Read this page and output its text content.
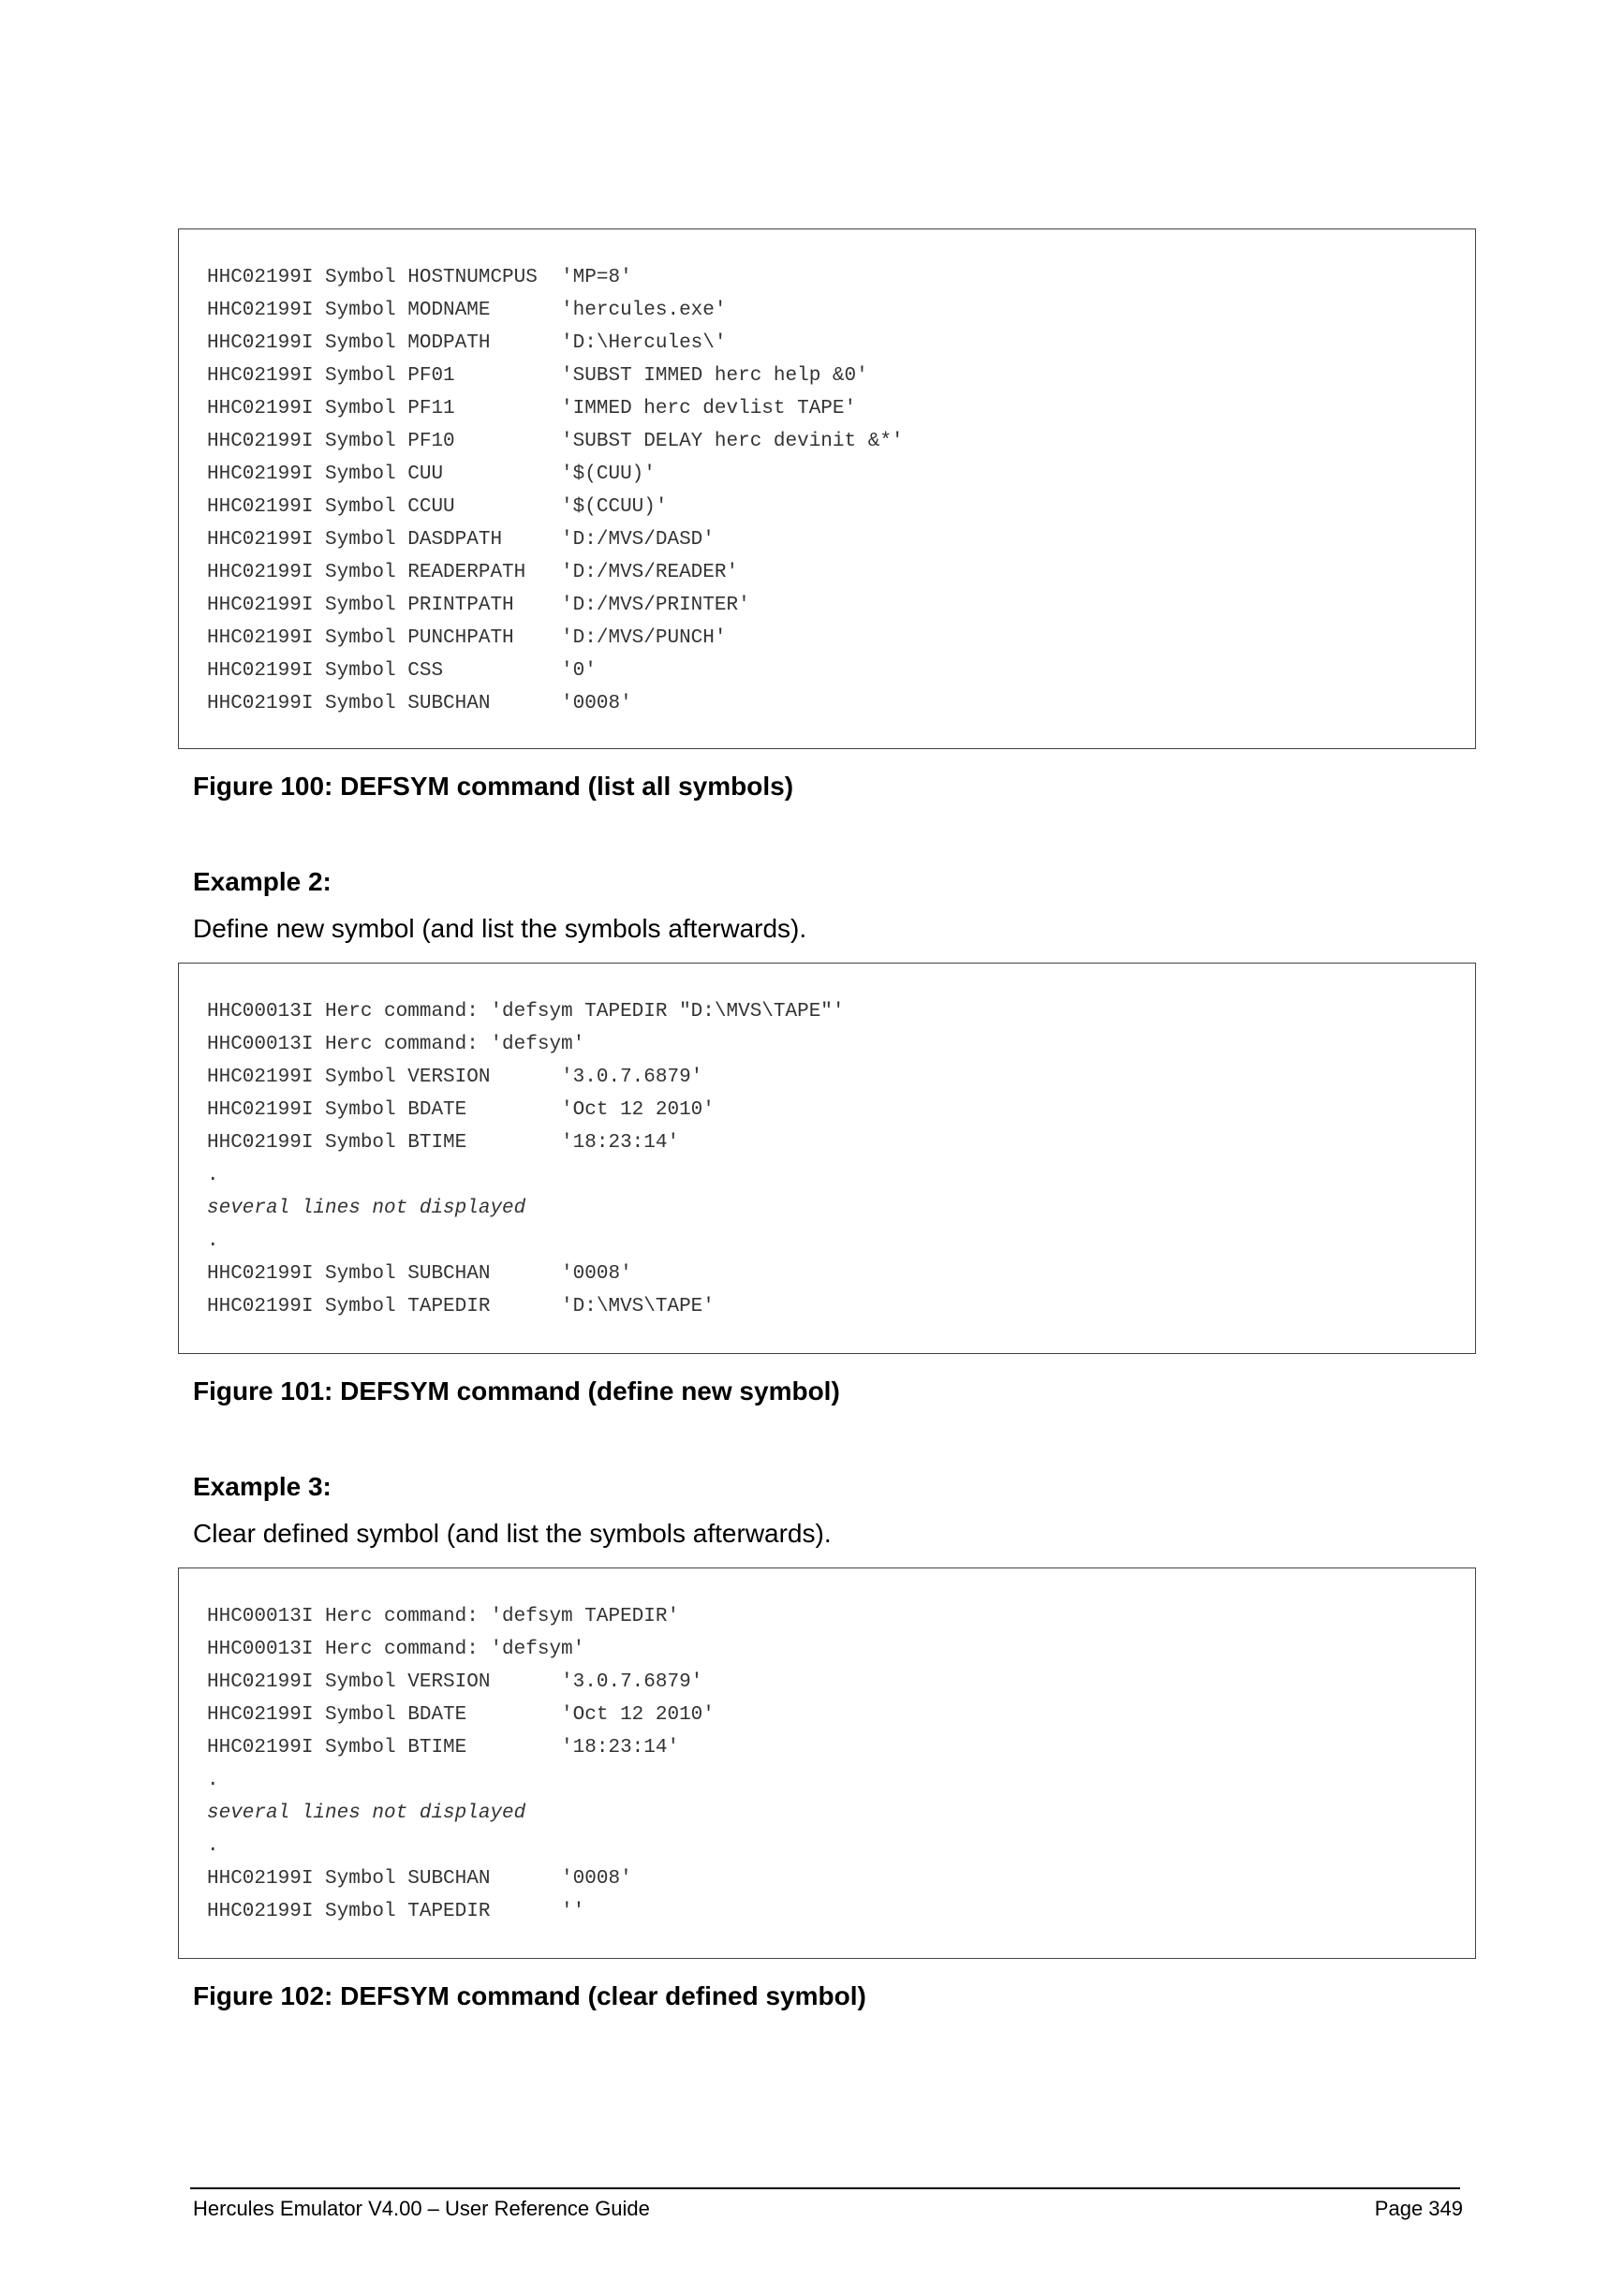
HHC02199I Symbol HOSTNUMCPUS  'MP=8'
HHC02199I Symbol MODNAME      'hercules.exe'
HHC02199I Symbol MODPATH      'D:\Hercules\'
HHC02199I Symbol PF01         'SUBST IMMED herc help &0'
HHC02199I Symbol PF11         'IMMED herc devlist TAPE'
HHC02199I Symbol PF10         'SUBST DELAY herc devinit &*'
HHC02199I Symbol CUU          '$(CUU)'
HHC02199I Symbol CCUU         '$(CCUU)'
HHC02199I Symbol DASDPATH     'D:/MVS/DASD'
HHC02199I Symbol READERPATH   'D:/MVS/READER'
HHC02199I Symbol PRINTPATH    'D:/MVS/PRINTER'
HHC02199I Symbol PUNCHPATH    'D:/MVS/PUNCH'
HHC02199I Symbol CSS          '0'
HHC02199I Symbol SUBCHAN      '0008'
Figure 100: DEFSYM command (list all symbols)
Example 2:
Define new symbol (and list the symbols afterwards).
HHC00013I Herc command: 'defsym TAPEDIR "D:\MVS\TAPE"'
HHC00013I Herc command: 'defsym'
HHC02199I Symbol VERSION      '3.0.7.6879'
HHC02199I Symbol BDATE        'Oct 12 2010'
HHC02199I Symbol BTIME        '18:23:14'
.
several lines not displayed
.
HHC02199I Symbol SUBCHAN      '0008'
HHC02199I Symbol TAPEDIR      'D:\MVS\TAPE'
Figure 101: DEFSYM command (define new symbol)
Example 3:
Clear defined symbol (and list the symbols afterwards).
HHC00013I Herc command: 'defsym TAPEDIR'
HHC00013I Herc command: 'defsym'
HHC02199I Symbol VERSION      '3.0.7.6879'
HHC02199I Symbol BDATE        'Oct 12 2010'
HHC02199I Symbol BTIME        '18:23:14'
.
several lines not displayed
.
HHC02199I Symbol SUBCHAN      '0008'
HHC02199I Symbol TAPEDIR      ''
Figure 102: DEFSYM command (clear defined symbol)
Hercules Emulator V4.00 – User Reference Guide	Page 349
